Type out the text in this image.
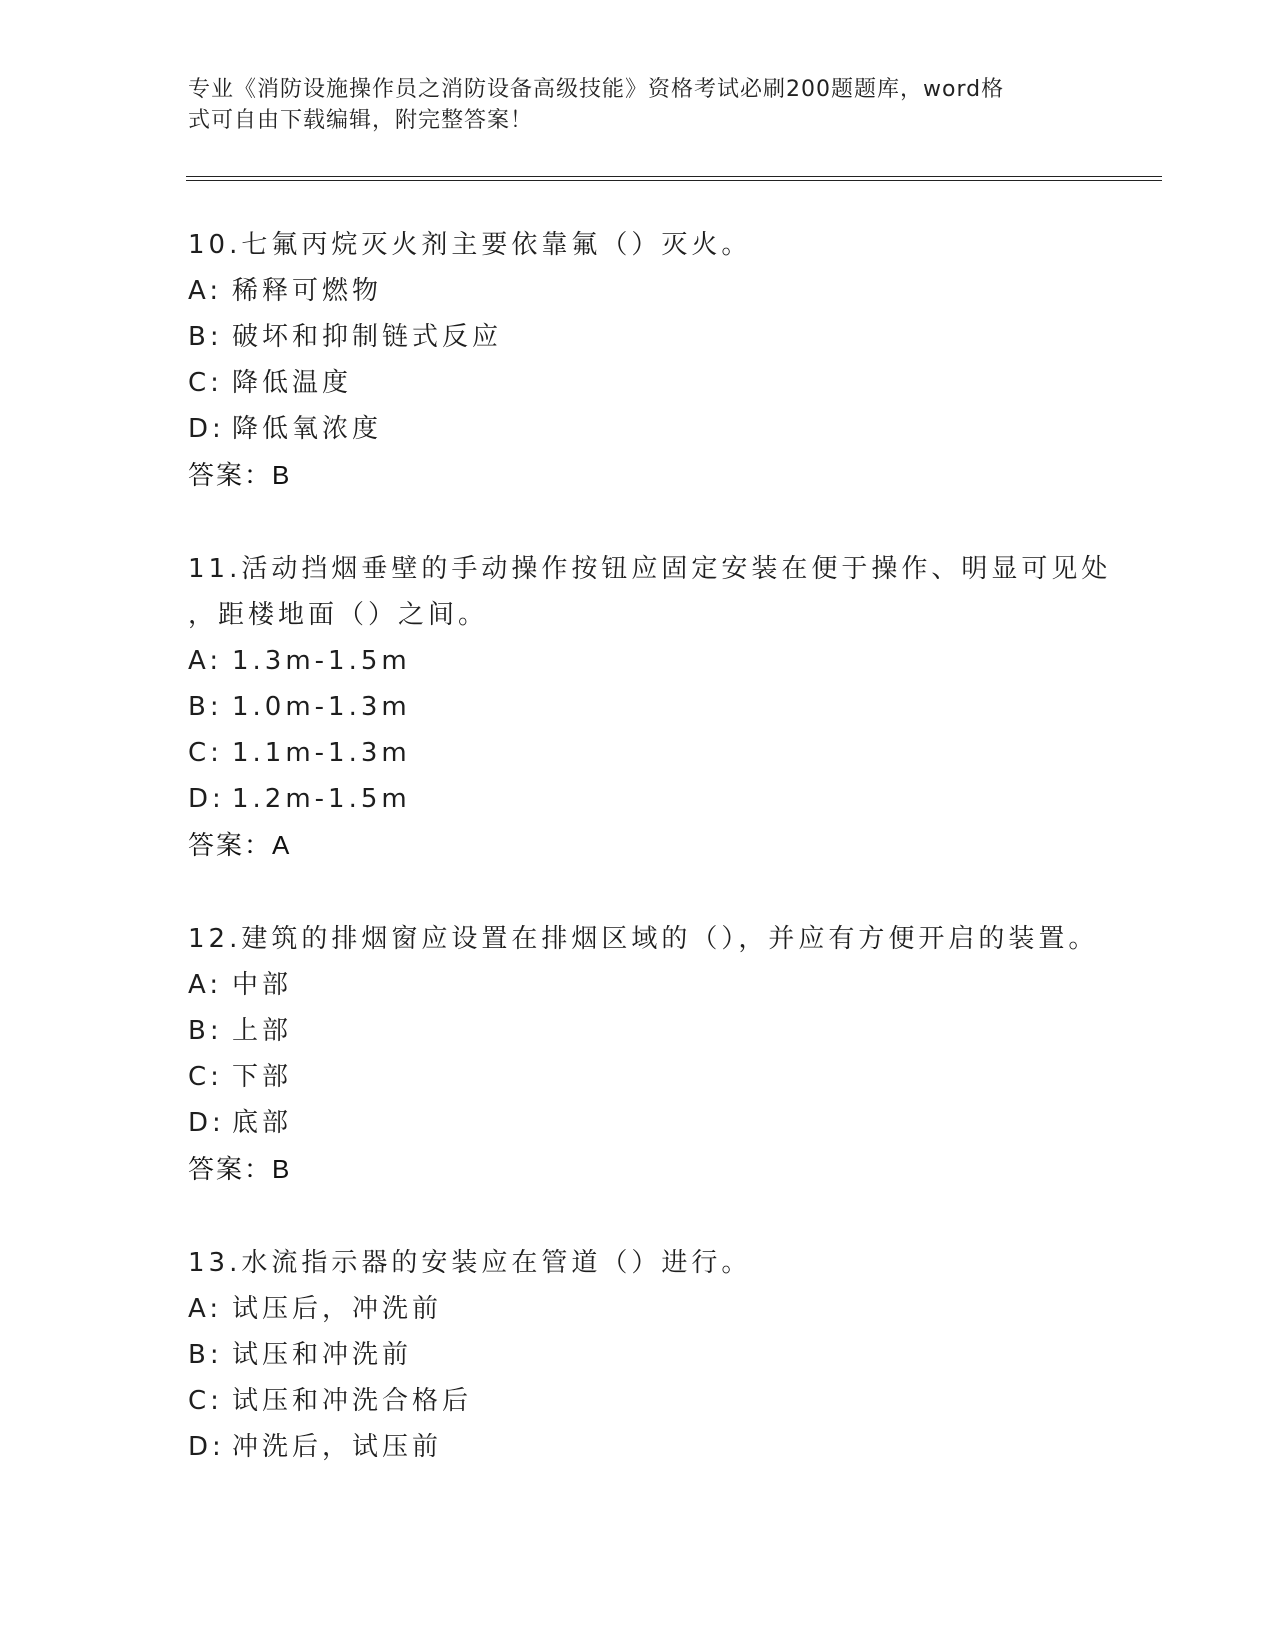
专业《消防设施操作员之消防设备高级技能》资格考试必刷200题题库，word格
式可自由下载编辑，附完整答案！
10.七氟丙烷灭火剂主要依靠氟（）灭火。
A: 稀释可燃物
B: 破坏和抑制链式反应
C: 降低温度
D: 降低氧浓度
答案：B
11.活动挡烟垂壁的手动操作按钮应固定安装在便于操作、明显可见处
，距楼地面（）之间。
A: 1.3m-1.5m
B: 1.0m-1.3m
C: 1.1m-1.3m
D: 1.2m-1.5m
答案：A
12.建筑的排烟窗应设置在排烟区域的（），并应有方便开启的装置。
A: 中部
B: 上部
C: 下部
D: 底部
答案：B
13.水流指示器的安装应在管道（）进行。
A: 试压后，冲洗前
B: 试压和冲洗前
C: 试压和冲洗合格后
D: 冲洗后，试压前
